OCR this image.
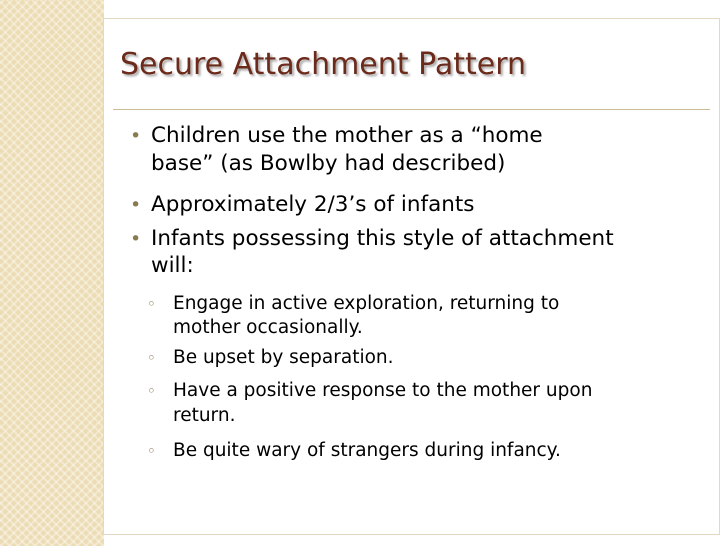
Secure Attachment Pattern
• Children use the mother as a “home
base” (as Bowlby had described)
• Approximately 2/3’s of infants
• Infants possessing this style of attachment
will:
◦ Engage in active exploration, returning to
mother occasionally.
◦ Be upset by separation.
◦ Have a positive response to the mother upon
return.
◦ Be quite wary of strangers during infancy.
